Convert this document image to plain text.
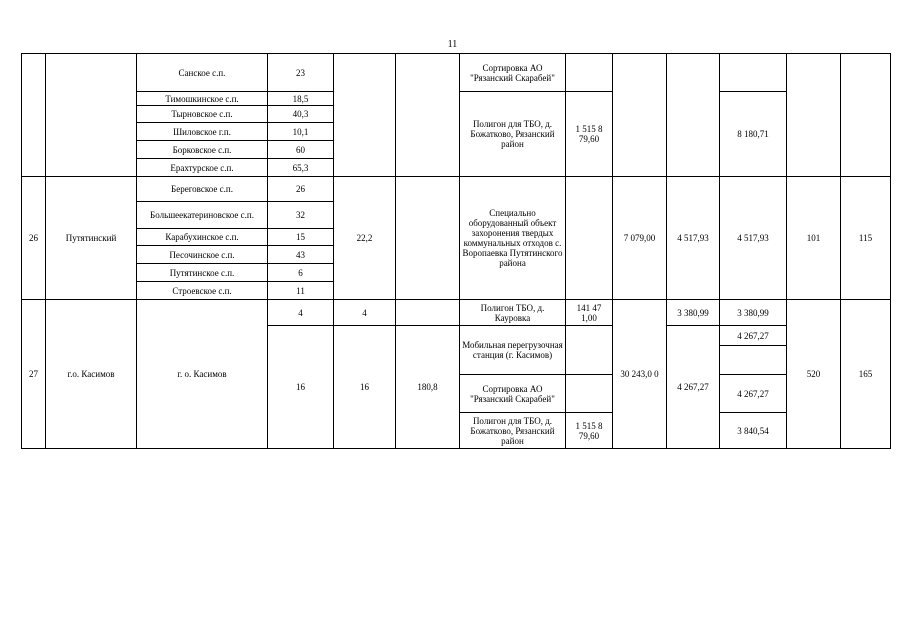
11
		Санское с.п.	23			Сортировка АО "Рязанский Скарабей"						
		Тимошкинское с.п.	18,5			Полигон для ТБО, д. Божатково, Рязанский район	1 515 8 79,60			8 180,71		
		Тырновское с.п.	40,3									
		Шиловское г.п.	10,1									
		Борковское с.п.	60									
		Ерахтурское с.п.	65,3									
26	Путятинский	Береговское с.п.	26	22,2		Специально оборудованный объект захоронения твердых коммунальных отходов с. Воропаевка Путятинского района		7 079,00	4 517,93	4 517,93	101	115
		Большеекатериновское с.п.	32									
		Карабухинское с.п.	15									
		Песочинское с.п.	43									
		Путятинское с.п.	6									
		Строевское с.п.	11									
27	г.о. Касимов	г. о. Касимов	4	4		Полигон ТБО, д. Кауровка	141 47 1,00	30 243,0 0	3 380,99	3 380,99	520	165
			16	16	180,8	Мобильная перегрузочная станция (г. Касимов)			4 267,27	4 267,27		

						Сортировка АО "Рязанский Скарабей"				4 267,27		
						Полигон для ТБО, д. Божатково, Рязанский район	1 515 8 79,60			3 840,54		
